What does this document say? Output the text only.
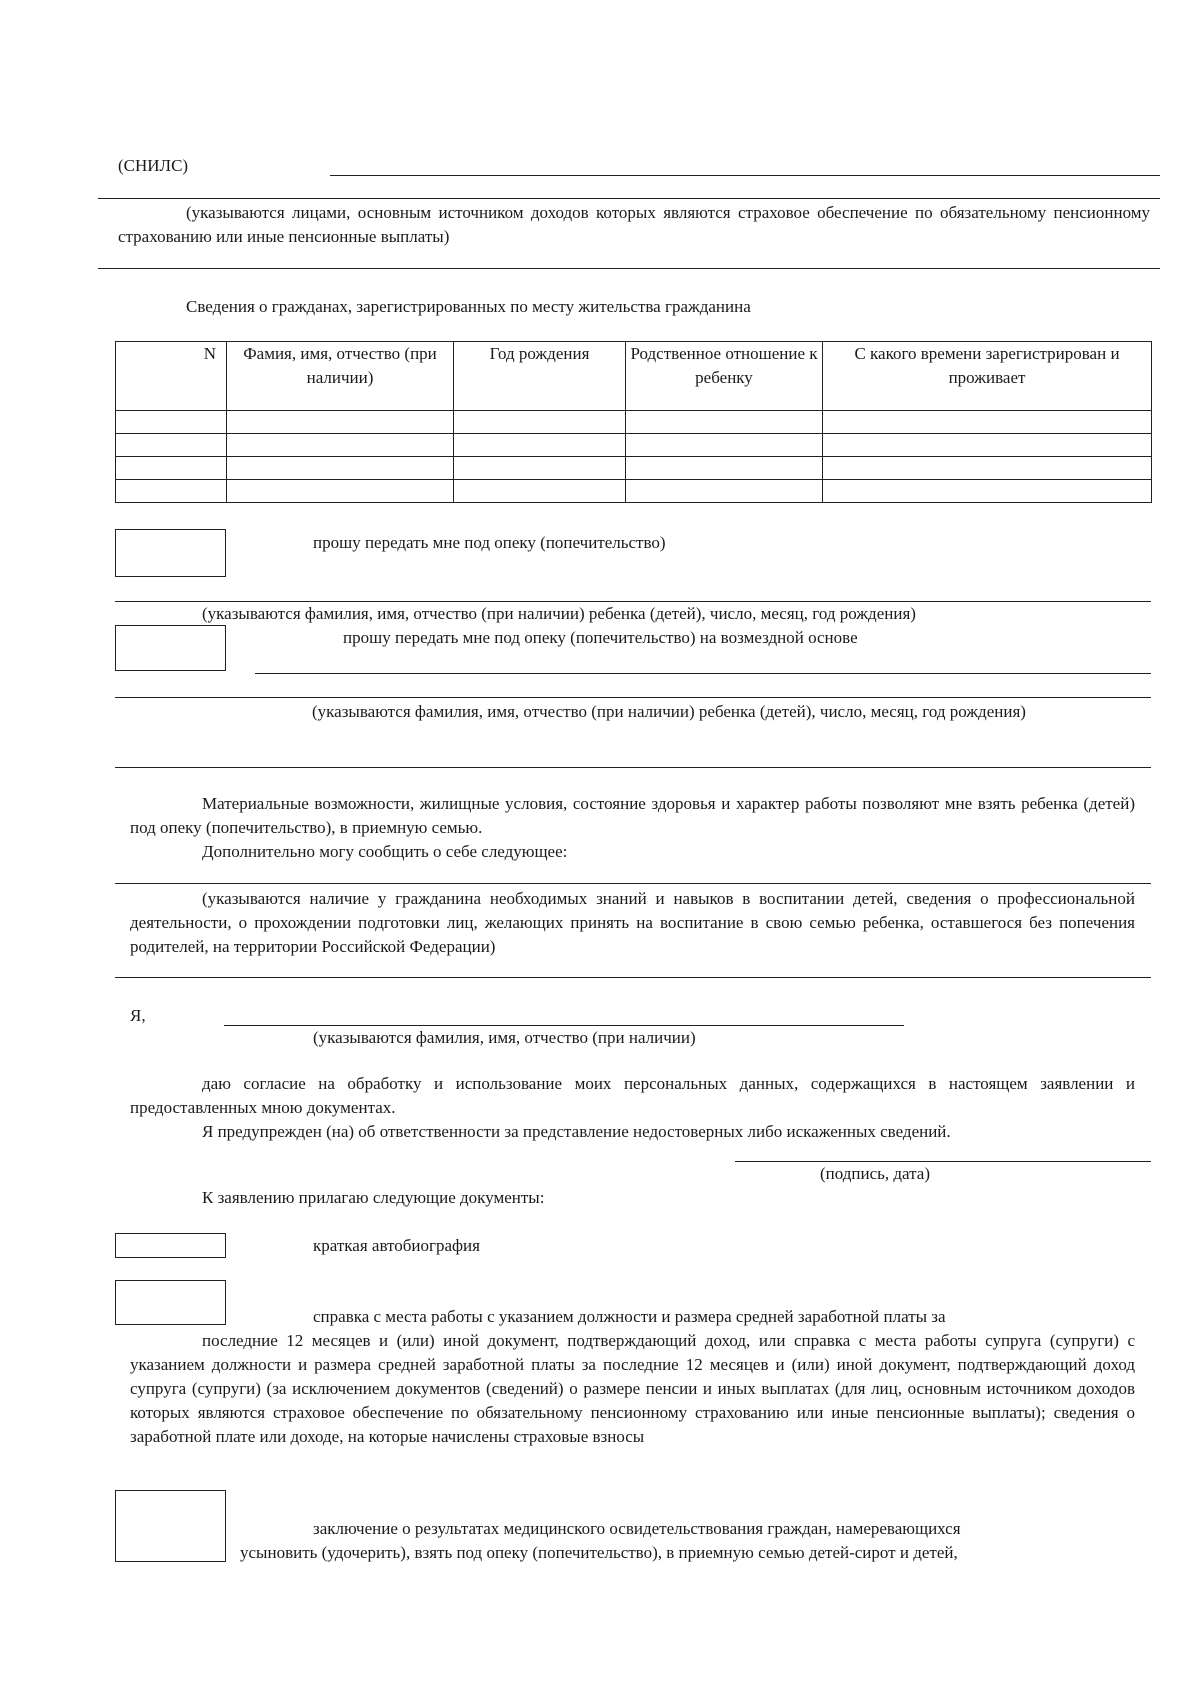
(СНИЛС)
(указываются лицами, основным источником доходов которых являются страховое обеспечение по обязательному пенсионному страхованию или иные пенсионные выплаты)
Сведения о гражданах, зарегистрированных по месту жительства гражданина
N	Фамия, имя, отчество (при наличии)	Год рождения	Родственное отношение к ребенку	С какого времени зарегистрирован и проживает

прошу передать мне под опеку (попечительство)
(указываются фамилия, имя, отчество (при наличии) ребенка (детей), число, месяц, год рождения)
прошу передать мне под опеку (попечительство) на возмездной основе
(указываются фамилия, имя, отчество (при наличии) ребенка (детей), число, месяц, год рождения)
Материальные возможности, жилищные условия, состояние здоровья и характер работы позволяют мне взять ребенка (детей) под опеку (попечительство), в приемную семью.
Дополнительно могу сообщить о себе следующее:
(указываются наличие у гражданина необходимых знаний и навыков в воспитании детей, сведения о профессиональной деятельности, о прохождении подготовки лиц, желающих принять на воспитание в свою семью ребенка, оставшегося без попечения родителей, на территории Российской Федерации)
Я,
(указываются фамилия, имя, отчество (при наличии)
даю согласие на обработку и использование моих персональных данных, содержащихся в настоящем заявлении и предоставленных мною документах.
Я предупрежден (на) об ответственности за представление недостоверных либо искаженных сведений.
(подпись, дата)
К заявлению прилагаю следующие документы:
краткая автобиография
справка с места работы с указанием должности и размера средней заработной платы за
последние 12 месяцев и (или) иной документ, подтверждающий доход, или справка с места работы супруга (супруги) с указанием должности и размера средней заработной платы за последние 12 месяцев и (или) иной документ, подтверждающий доход супруга (супруги) (за исключением документов (сведений) о размере пенсии и иных выплатах (для лиц, основным источником доходов которых являются страховое обеспечение по обязательному пенсионному страхованию или иные пенсионные выплаты); сведения о заработной плате или доходе, на которые начислены страховые взносы
заключение о результатах медицинского освидетельствования граждан, намеревающихся
усыновить (удочерить), взять под опеку (попечительство), в приемную семью детей-сирот и детей,
